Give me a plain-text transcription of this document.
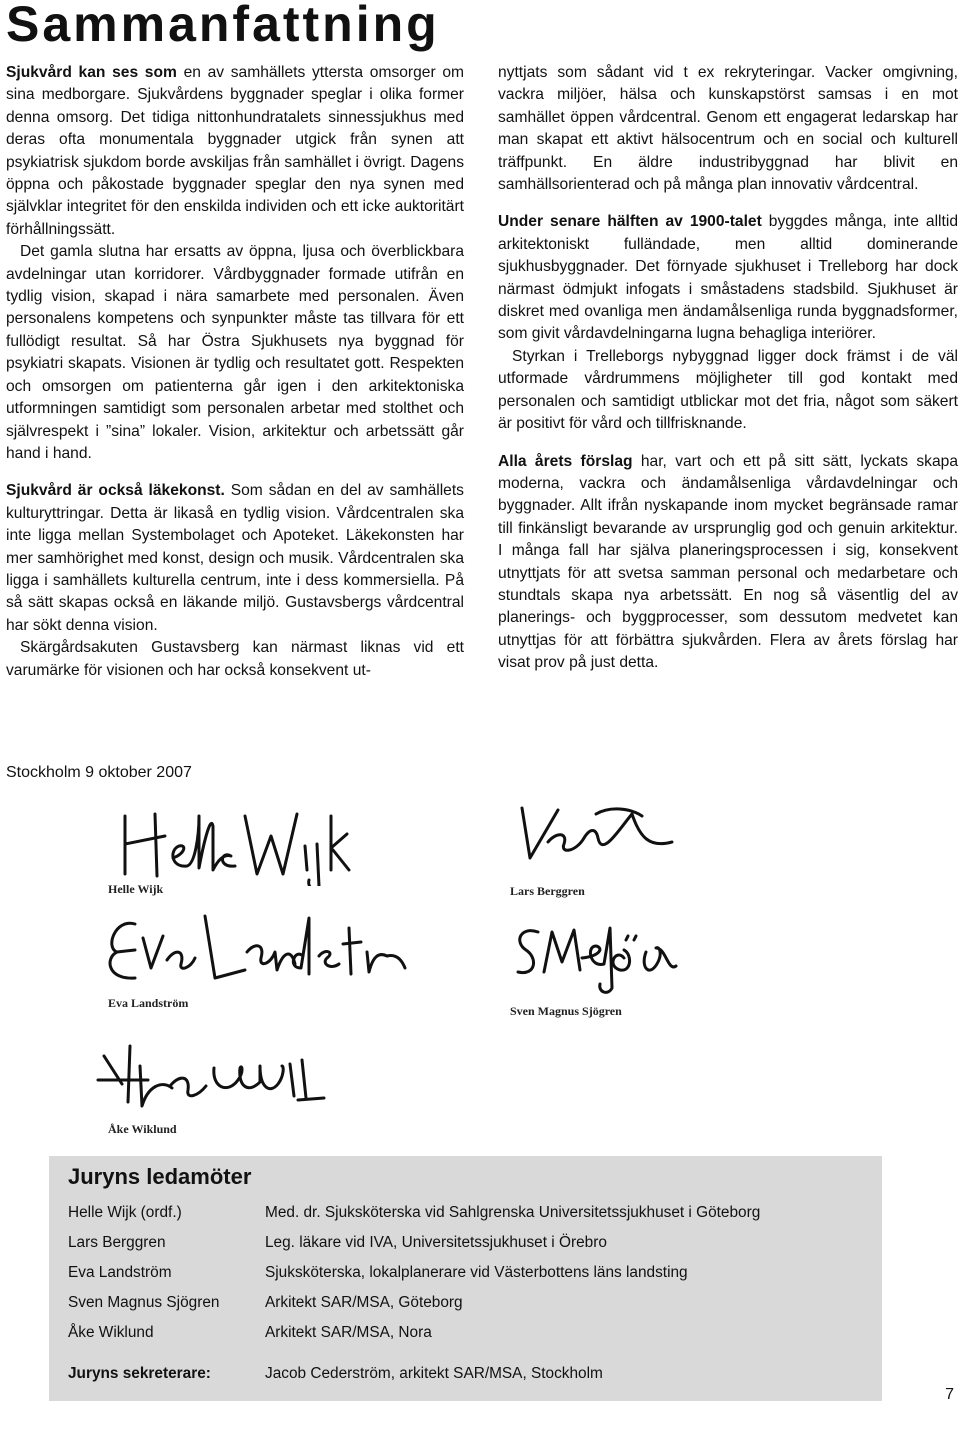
Sammanfattning

Sjukvård kan ses som en av samhällets yttersta omsorger om sina medborgare. Sjukvårdens byggnader speglar i olika former denna omsorg. Det tidiga nittonhundratalets sinnessjukhus med deras ofta monumentala byggnader utgick från synen att psykiatrisk sjukdom borde avskiljas från samhället i övrigt. Dagens öppna och påkostade byggnader speglar den nya synen med självklar integritet för den enskilda individen och ett icke auktoritärt förhållningssätt.

Det gamla slutna har ersatts av öppna, ljusa och överblickbara avdelningar utan korridorer. Vårdbyggnader formade utifrån en tydlig vision, skapad i nära samarbete med personalen. Även personalens kompetens och synpunkter måste tas tillvara för ett fullödigt resultat. Så har Östra Sjukhusets nya byggnad för psykiatri skapats. Visionen är tydlig och resultatet gott. Respekten och omsorgen om patienterna går igen i den arkitektoniska utformningen samtidigt som personalen arbetar med stolthet och självrespekt i ”sina” lokaler. Vision, arkitektur och arbetssätt går hand i hand.

Sjukvård är också läkekonst. Som sådan en del av samhällets kulturyttringar. Detta är likaså en tydlig vision. Vårdcentralen ska inte ligga mellan Systembolaget och Apoteket. Läkekonsten har mer samhörighet med konst, design och musik. Vårdcentralen ska ligga i samhällets kulturella centrum, inte i dess kommersiella. På så sätt skapas också en läkande miljö. Gustavsbergs vårdcentral har sökt denna vision.

Skärgårdsakuten Gustavsberg kan närmast liknas vid ett varumärke för visionen och har också konsekvent ut-

nyttjats som sådant vid t ex rekryteringar. Vacker omgivning, vackra miljöer, hälsa och kunskapstörst samsas i en mot samhället öppen vårdcentral. Genom ett engagerat ledarskap har man skapat ett aktivt hälsocentrum och en social och kulturell träffpunkt. En äldre industribyggnad har blivit en samhällsorienterad och på många plan innovativ vårdcentral.

Under senare hälften av 1900-talet byggdes många, inte alltid arkitektoniskt fulländade, men alltid dominerande sjukhusbyggnader. Det förnyade sjukhuset i Trelleborg har dock närmast ödmjukt infogats i småstadens stadsbild. Sjukhuset är diskret med ovanliga men ändamålsenliga runda byggnadsformer, som givit vårdavdelningarna lugna behagliga interiörer.

Styrkan i Trelleborgs nybyggnad ligger dock främst i de väl utformade vårdrummens möjligheter till god kontakt med personalen och samtidigt utblickar mot det fria, något som säkert är positivt för vård och tillfrisknande.

Alla årets förslag har, vart och ett på sitt sätt, lyckats skapa moderna, vackra och ändamålsenliga vårdavdelningar och byggnader. Allt ifrån nyskapande inom mycket begränsade ramar till finkänsligt bevarande av ursprunglig god och genuin arkitektur. I många fall har själva planeringsprocessen i sig, konsekvent utnyttjats för att svetsa samman personal och medarbetare och stundtals skapa nya arbetssätt. En nog så väsentlig del av planerings- och byggprocesser, som dessutom medvetet kan utnyttjas för att förbättra sjukvården. Flera av årets förslag har visat prov på just detta.

Stockholm 9 oktober 2007
Helle Wijk	Lars Berggren
Eva Landström
Sven Magnus Sjögren
Åke Wiklund
Juryns ledamöter
Helle Wijk (ordf.)	Med. dr. Sjuksköterska vid Sahlgrenska Universitetssjukhuset i Göteborg
Lars Berggren	Leg. läkare vid IVA, Universitetssjukhuset i Örebro
Eva Landström	Sjuksköterska, lokalplanerare vid Västerbottens läns landsting
Sven Magnus Sjögren	Arkitekt SAR/MSA, Göteborg
Åke Wiklund	Arkitekt SAR/MSA, Nora
Juryns sekreterare:	Jacob Cederström, arkitekt SAR/MSA, Stockholm
7
